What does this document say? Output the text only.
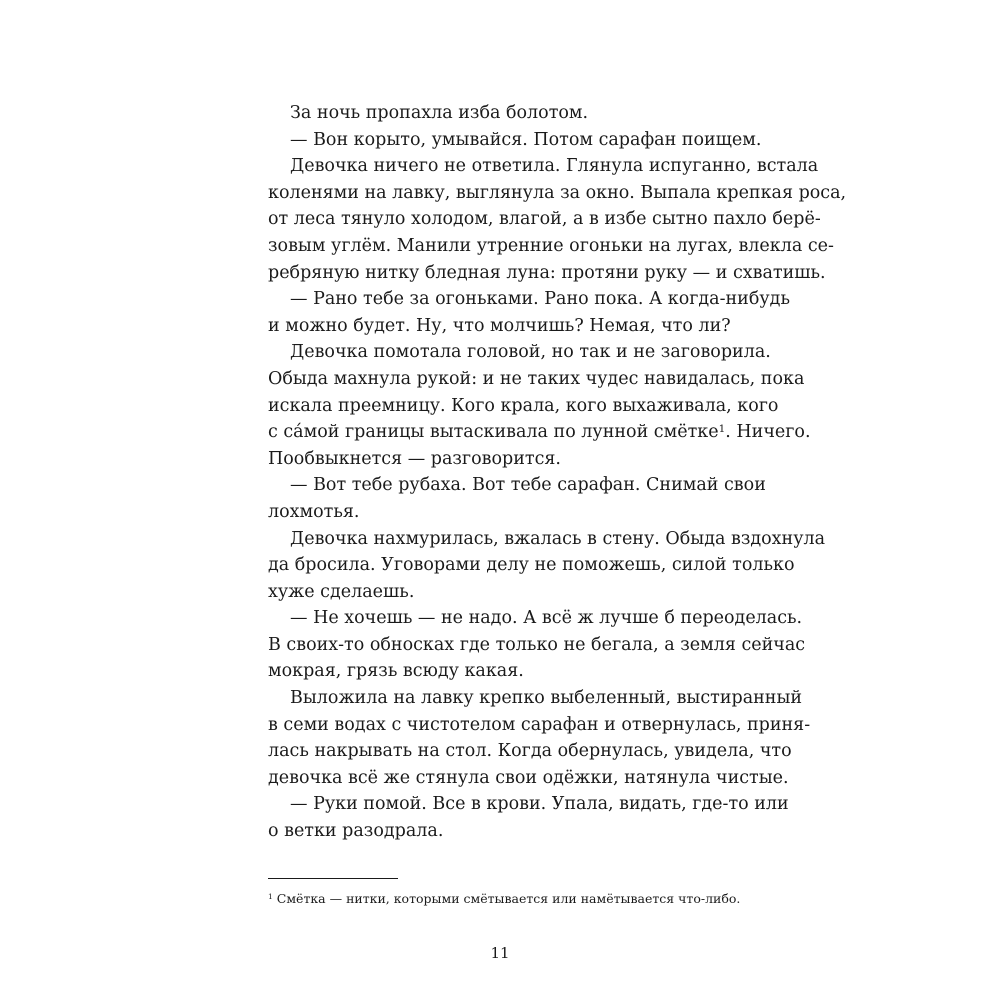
За ночь пропахла изба болотом.
— Вон корыто, умывайся. Потом сарафан поищем.
Девочка ничего не ответила. Глянула испуганно, встала
коленями на лавку, выглянула за окно. Выпала крепкая роса,
от леса тянуло холодом, влагой, а в избе сытно пахло берё-
зовым углём. Манили утренние огоньки на лугах, влекла се-
ребряную нитку бледная луна: протяни руку — и схватишь.
— Рано тебе за огоньками. Рано пока. А когда-нибудь
и можно будет. Ну, что молчишь? Немая, что ли?
Девочка помотала головой, но так и не заговорила.
Обыда махнула рукой: и не таких чудес навидалась, пока
искала преемницу. Кого крала, кого выхаживала, кого
с са́мой границы вытаскивала по лунной смётке$^1$. Ничего.
Пообвыкнется — разговорится.
— Вот тебе рубаха. Вот тебе сарафан. Снимай свои
лохмотья.
Девочка нахмурилась, вжалась в стену. Обыда вздохнула
да бросила. Уговорами делу не поможешь, силой только
хуже сделаешь.
— Не хочешь — не надо. А всё ж лучше б переоделась.
В своих-то обносках где только не бегала, а земля сейчас
мокрая, грязь всюду какая.
Выложила на лавку крепко выбеленный, выстиранный
в семи водах с чистотелом сарафан и отвернулась, приня-
лась накрывать на стол. Когда обернулась, увидела, что
девочка всё же стянула свои одёжки, натянула чистые.
— Руки помой. Все в крови. Упала, видать, где-то или
о ветки разодрала.
$^1$ Смётка — нитки, которыми смётывается или намётывается что-либо.
11
